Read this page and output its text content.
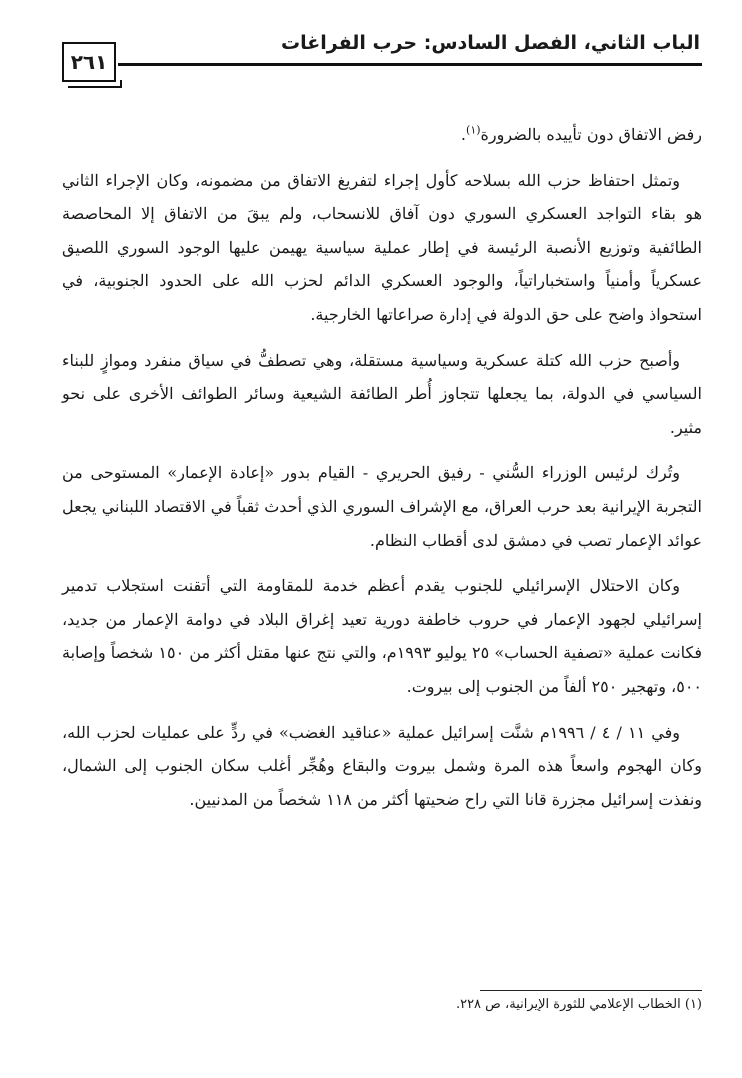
٢٦١
الباب الثاني، الفصل السادس: حرب الفراغات

رفض الاتفاق دون تأييده بالضرورة$^{(١)}$.

وتمثل احتفاظ حزب الله بسلاحه كأول إجراء لتفريغ الاتفاق من مضمونه، وكان الإجراء الثاني هو بقاء التواجد العسكري السوري دون آفاق للانسحاب، ولم يبقَ من الاتفاق إلا المحاصصة الطائفية وتوزيع الأنصبة الرئيسة في إطار عملية سياسية يهيمن عليها الوجود السوري اللصيق عسكرياً وأمنياً واستخباراتياً، والوجود العسكري الدائم لحزب الله على الحدود الجنوبية، في استحواذ واضح على حق الدولة في إدارة صراعاتها الخارجية.

وأصبح حزب الله كتلة عسكرية وسياسية مستقلة، وهي تصطفُّ في سياق منفرد وموازٍ للبناء السياسي في الدولة، بما يجعلها تتجاوز أُطر الطائفة الشيعية وسائر الطوائف الأخرى على نحو مثير.

وتُرك لرئيس الوزراء السُّني - رفيق الحريري - القيام بدور «إعادة الإعمار» المستوحى من التجربة الإيرانية بعد حرب العراق، مع الإشراف السوري الذي أحدث ثقباً في الاقتصاد اللبناني يجعل عوائد الإعمار تصب في دمشق لدى أقطاب النظام.

وكان الاحتلال الإسرائيلي للجنوب يقدم أعظم خدمة للمقاومة التي أتقنت استجلاب تدمير إسرائيلي لجهود الإعمار في حروب خاطفة دورية تعيد إغراق البلاد في دوامة الإعمار من جديد، فكانت عملية «تصفية الحساب» ٢٥ يوليو ١٩٩٣م، والتي نتج عنها مقتل أكثر من ١٥٠ شخصاً وإصابة ٥٠٠، وتهجير ٢٥٠ ألفاً من الجنوب إلى بيروت.

وفي ١١ / ٤ / ١٩٩٦م شنَّت إسرائيل عملية «عناقيد الغضب» في ردٍّ على عمليات لحزب الله، وكان الهجوم واسعاً هذه المرة وشمل بيروت والبقاع وهُجِّر أغلب سكان الجنوب إلى الشمال، ونفذت إسرائيل مجزرة قانا التي راح ضحيتها أكثر من ١١٨ شخصاً من المدنيين.

(١) الخطاب الإعلامي للثورة الإيرانية، ص ٢٢٨.
